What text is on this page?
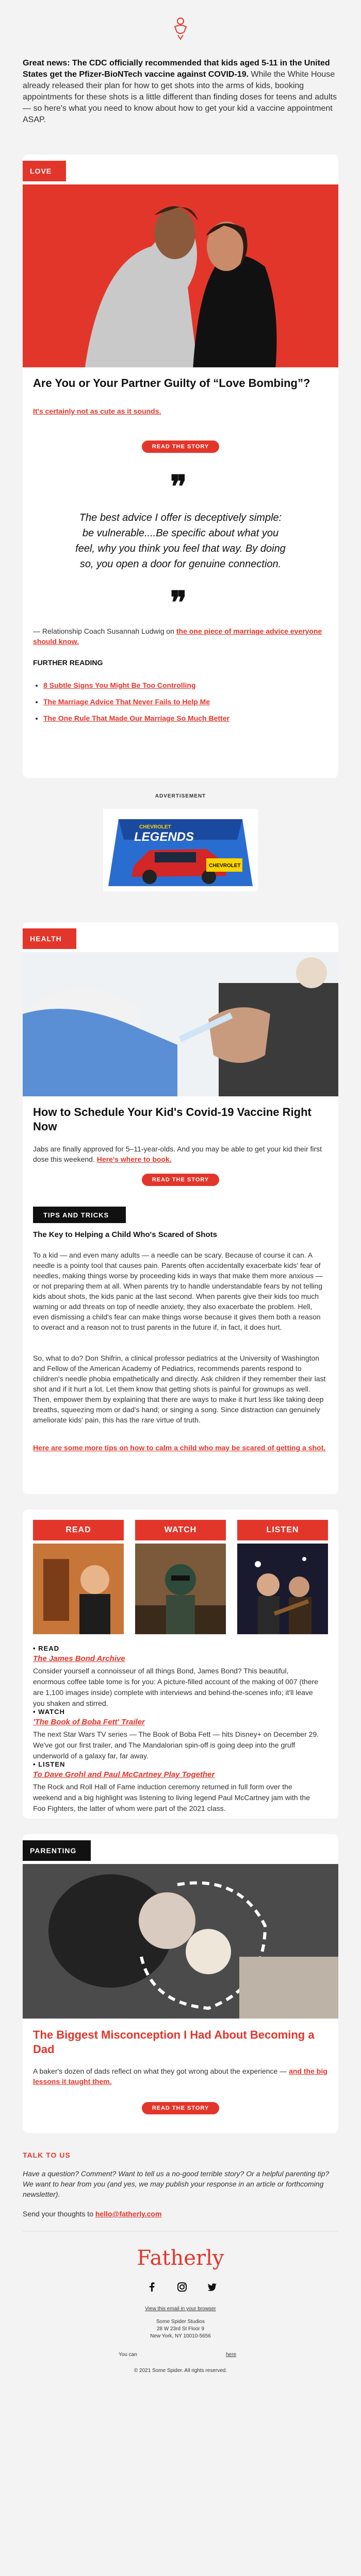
Great news: The CDC officially recommended that kids aged 5-11 in the United States get the Pfizer-BioNTech vaccine against COVID-19. While the White House already released their plan for how to get shots into the arms of kids, booking appointments for these shots is a little different than finding doses for teens and adults — so here's what you need to know about how to get your kid a vaccine appointment ASAP.
LOVE
Are You or Your Partner Guilty of “Love Bombing”?
It's certainly not as cute as it sounds.
READ THE STORY
❞
The best advice I offer is deceptively simple: be vulnerable....Be specific about what you feel, why you think you feel that way. By doing so, you open a door for genuine connection.
❞
— Relationship Coach Susannah Ludwig on the one piece of marriage advice everyone should know.
FURTHER READING
• 8 Subtle Signs You Might Be Too Controlling
• The Marriage Advice That Never Fails to Help Me
• The One Rule That Made Our Marriage So Much Better
ADVERTISEMENT
CHEVROLET
LEGENDS
CHEVROLET
HEALTH
How to Schedule Your Kid's Covid-19 Vaccine Right Now
Jabs are finally approved for 5–11-year-olds. And you may be able to get your kid their first dose this weekend. Here's where to book.
READ THE STORY
TIPS AND TRICKS
The Key to Helping a Child Who's Scared of Shots
To a kid — and even many adults — a needle can be scary. Because of course it can. A needle is a pointy tool that causes pain. Parents often accidentally exacerbate kids' fear of needles, making things worse by proceeding kids in ways that make them more anxious — or not preparing them at all. When parents try to handle understandable fears by not telling kids about shots, the kids panic at the last second. When parents give their kids too much warning or add threats on top of needle anxiety, they also exacerbate the problem. Hell, even dismissing a child's fear can make things worse because it gives them both a reason to overact and a reason not to trust parents in the future if, in fact, it does hurt.
So, what to do? Don Shifrin, a clinical professor pediatrics at the University of Washington and Fellow of the American Academy of Pediatrics, recommends parents respond to children's needle phobia empathetically and directly. Ask children if they remember their last shot and if it hurt a lot. Let them know that getting shots is painful for grownups as well. Then, empower them by explaining that there are ways to make it hurt less like taking deep breaths, squeezing mom or dad's hand; or singing a song. Since distraction can genuinely ameliorate kids' pain, this has the rare virtue of truth.
Here are some more tips on how to calm a child who may be scared of getting a shot.
READ	WATCH	LISTEN
• READ
The James Bond Archive

Consider yourself a connoisseur of all things Bond, James Bond? This beautiful, enormous coffee table tome is for you: A picture-filled account of the making of 007 (there are 1,100 images inside) complete with interviews and behind-the-scenes info; it'll leave you shaken and stirred.

• WATCH
'The Book of Boba Fett' Trailer

The next Star Wars TV series — The Book of Boba Fett — hits Disney+ on December 29. We've got our first trailer, and The Mandalorian spin-off is going deep into the gruff underworld of a galaxy far, far away.

• LISTEN
To Dave Grohl and Paul McCartney Play Together

The Rock and Roll Hall of Fame induction ceremony returned in full form over the weekend and a big highlight was listening to living legend Paul McCartney jam with the Foo Fighters, the latter of whom were part of the 2021 class.

PARENTING
The Biggest Misconception I Had About Becoming a Dad
A baker's dozen of dads reflect on what they got wrong about the experience — and the big lessons it taught them.
READ THE STORY
TALK TO US
Have a question? Comment? Want to tell us a no-good terrible story? Or a helpful parenting tip? We want to hear from you (and yes, we may publish your response in an article or forthcoming newsletter).
Send your thoughts to hello@fatherly.com
Fatherly
View this email in your browser
Some Spider Studios
28 W 23rd St Floor 9
New York, NY 10010-5656
You can	here
© 2021 Some Spider. All rights reserved.
